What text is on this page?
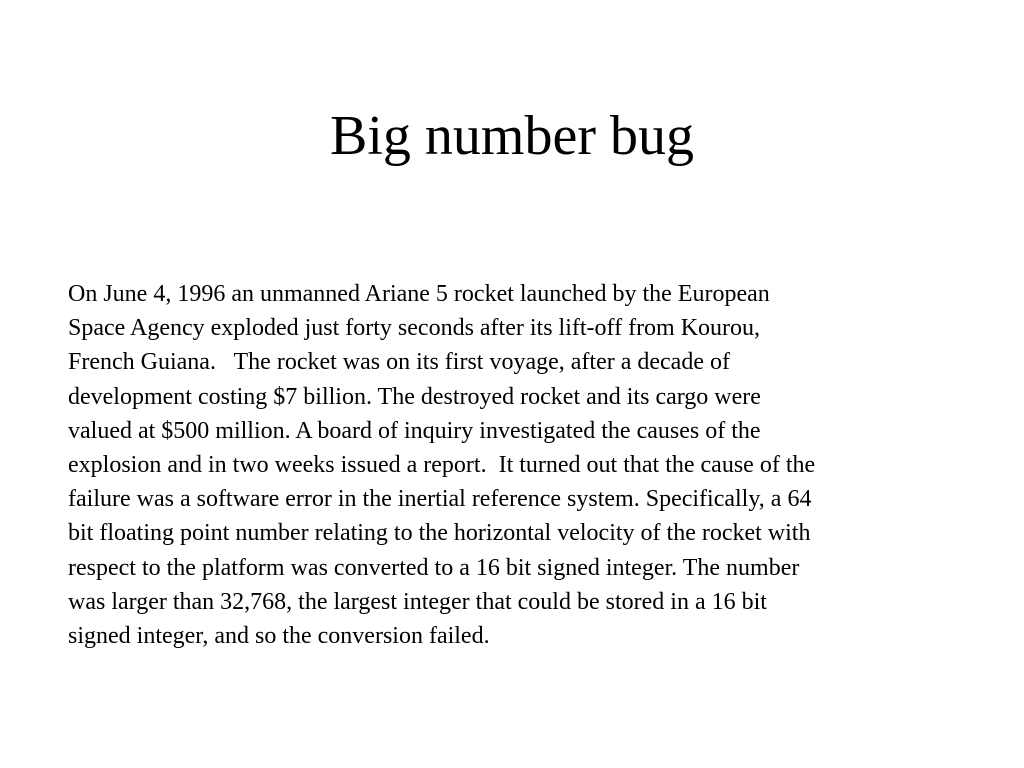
Big number bug

On June 4, 1996 an unmanned Ariane 5 rocket launched by the European
Space Agency exploded just forty seconds after its lift-off from Kourou,
French Guiana.   The rocket was on its first voyage, after a decade of
development costing $7 billion. The destroyed rocket and its cargo were
valued at $500 million. A board of inquiry investigated the causes of the
explosion and in two weeks issued a report.  It turned out that the cause of the
failure was a software error in the inertial reference system. Specifically, a 64
bit floating point number relating to the horizontal velocity of the rocket with
respect to the platform was converted to a 16 bit signed integer. The number
was larger than 32,768, the largest integer that could be stored in a 16 bit
signed integer, and so the conversion failed.
